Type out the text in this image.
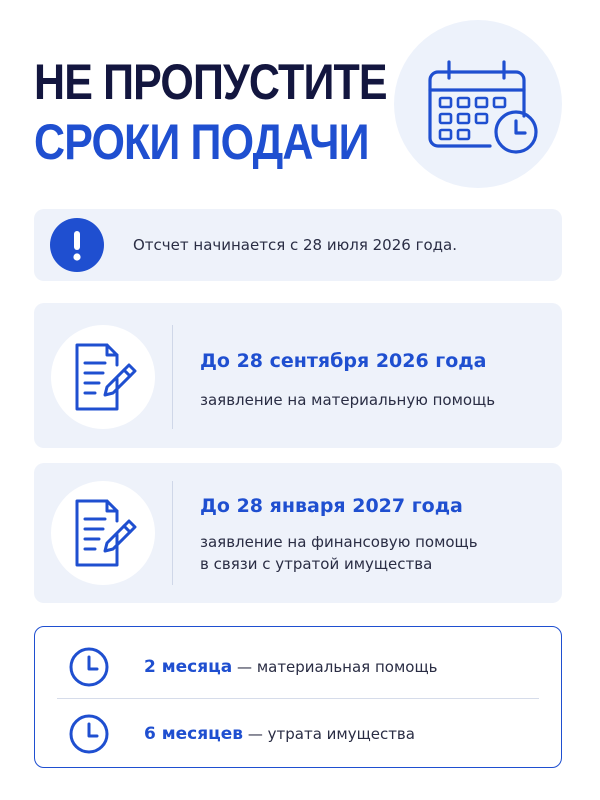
НЕ ПРОПУСТИТЕ
СРОКИ ПОДАЧИ
Отсчет начинается с 28 июля 2026 года.
До 28 сентября 2026 года
заявление на материальную помощь
До 28 января 2027 года
заявление на финансовую помощь
в связи с утратой имущества
2 месяца — материальная помощь
6 месяцев — утрата имущества
